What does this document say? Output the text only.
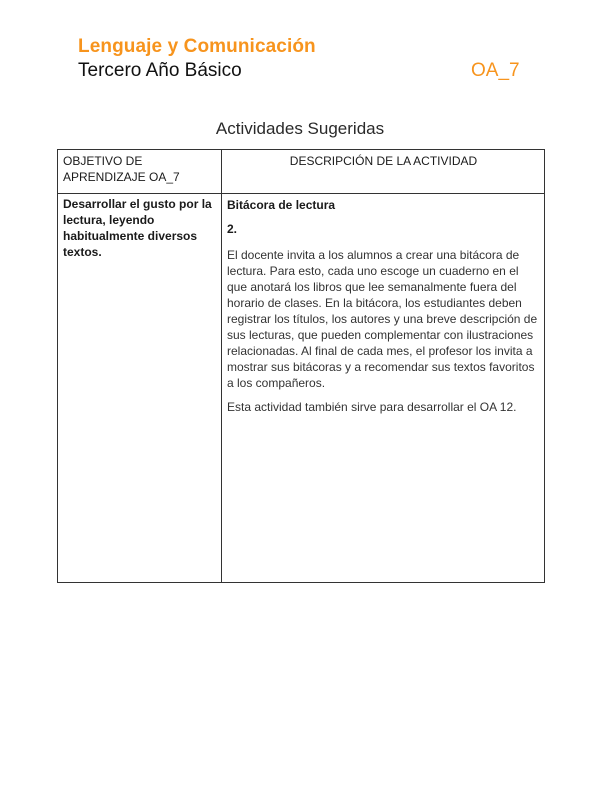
Lenguaje y Comunicación
Tercero Año Básico	OA_7
Actividades Sugeridas
OBJETIVO DE APRENDIZAJE OA_7	DESCRIPCIÓN DE LA ACTIVIDAD
Desarrollar el gusto por la lectura, leyendo habitualmente diversos textos.	Bitácora de lectura

2.

El docente invita a los alumnos a crear una bitácora de lectura. Para esto, cada uno escoge un cuaderno en el que anotará los libros que lee semanalmente fuera del horario de clases. En la bitácora, los estudiantes deben registrar los títulos, los autores y una breve descripción de sus lecturas, que pueden complementar con ilustraciones relacionadas. Al final de cada mes, el profesor los invita a mostrar sus bitácoras y a recomendar sus textos favoritos a los compañeros.

Esta actividad también sirve para desarrollar el OA 12.
